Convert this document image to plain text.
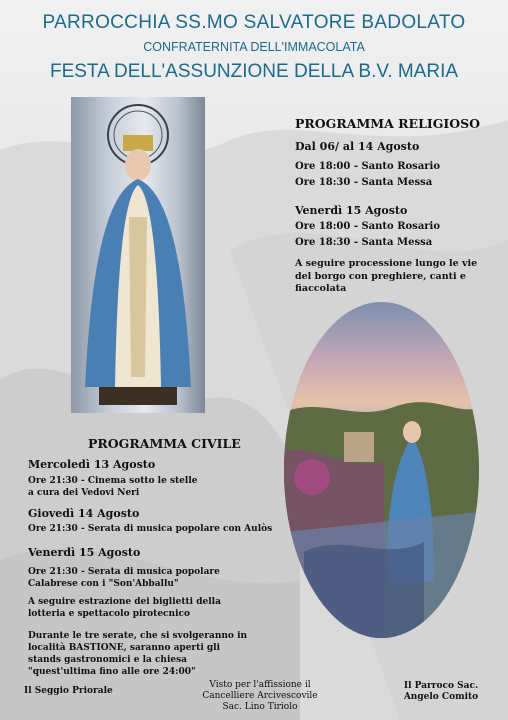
PARROCCHIA SS.MO SALVATORE BADOLATO
CONFRATERNITA DELL'IMMACOLATA
FESTA DELL'ASSUNZIONE DELLA B.V. MARIA
PROGRAMMA RELIGIOSO
Dal 06/ al 14 Agosto
Ore 18:00 - Santo Rosario
Ore 18:30 - Santa Messa
Venerdì 15 Agosto
Ore 18:00 - Santo Rosario
Ore 18:30 - Santa Messa
A seguire processione lungo le vie
del borgo con preghiere, canti e
fiaccolata
PROGRAMMA CIVILE
Mercoledì 13 Agosto
Ore 21:30 - Cinema sotto le stelle
a cura dei Vedovi Neri
Giovedì 14 Agosto
Ore 21:30 - Serata di musica popolare con Aulòs
Venerdì 15 Agosto
Ore 21:30 - Serata di musica popolare
Calabrese con i "Son'Abballu"
A seguire estrazione dei biglietti della
lotteria e spettacolo pirotecnico
Durante le tre serate, che si svolgeranno in
località BASTIONE, saranno aperti gli
stands gastronomici e la chiesa
"quest'ultima fino alle ore 24:00"
Il Seggio Priorale
Visto per l'affissione il
Cancelliere Arcivescovile
Sac. Lino Tiriolo
Il Parroco Sac.
Angelo Comito
